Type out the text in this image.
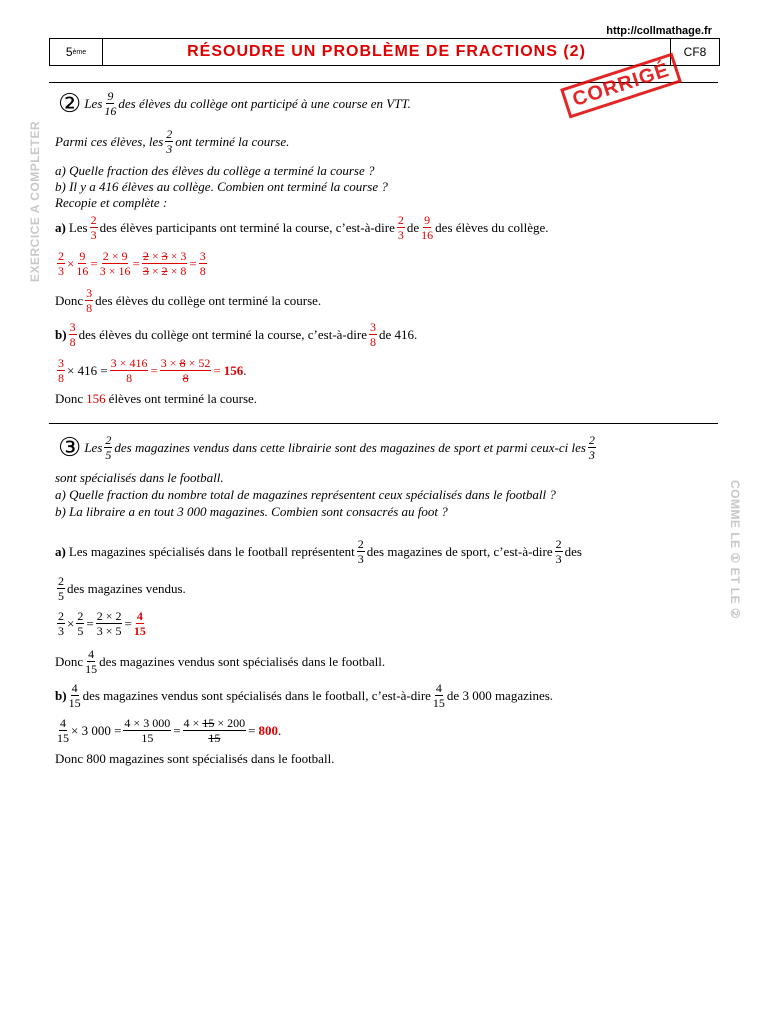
http://collmathage.fr
5 ème	RÉSOUDRE UN PROBLÈME DE FRACTIONS (2)	CF8
CORRIGÉ
EXERCICE A COMPLETER
COMME LE ① ET LE ②
② Les 9
16
des élèves du collège ont participé à une course en VTT.
Parmi ces élèves, les 2
3
ont terminé la course.
a) Quelle fraction des élèves du collège a terminé la course ?
b) Il y a 416 élèves au collège. Combien ont terminé la course ?
Recopie et complète :
a) Les 2
3
des élèves participants ont terminé la course, c’est-à-dire 2
3
de 9
16
des élèves du collège.
2
3
× 9
16
= 2 × 9
3 × 16
= 2 × 3 × 3
3 × 2 × 8
= 3
8
Donc 3
8
des élèves du collège ont terminé la course.
b) 3
8
des élèves du collège ont terminé la course, c’est-à-dire 3
8
de 416.
$\frac{3}{8} \times 416 = \frac{3 \times 416}{8} = \frac{3 \times 8 \times 52}{8} = 156$ .
Donc 156 élèves ont terminé la course.
③ Les 2
5
des magazines vendus dans cette librairie sont des magazines de sport et parmi ceux-ci les 2
3
sont spécialisés dans le football.
a) Quelle fraction du nombre total de magazines représentent ceux spécialisés dans le football ?
b) La libraire a en tout 3 000 magazines. Combien sont consacrés au foot ?
a) Les magazines spécialisés dans le football représentent 2
3
des magazines de sport, c’est-à-dire 2
3
des
2
5
des magazines vendus.
2
3
× 2
5
= 2 × 2
3 × 5
= 4
15
Donc 4
15
des magazines vendus sont spécialisés dans le football.
b) 4
15
des magazines vendus sont spécialisés dans le football, c’est-à-dire 4
15
de 3 000 magazines.
$\frac{4}{15} \times 3$ $000 = \frac{4 \times 3 000}{15} = 4 \times 15 \times 200$
15
= 800 .
Donc 800 magazines sont spécialisés dans le football.
